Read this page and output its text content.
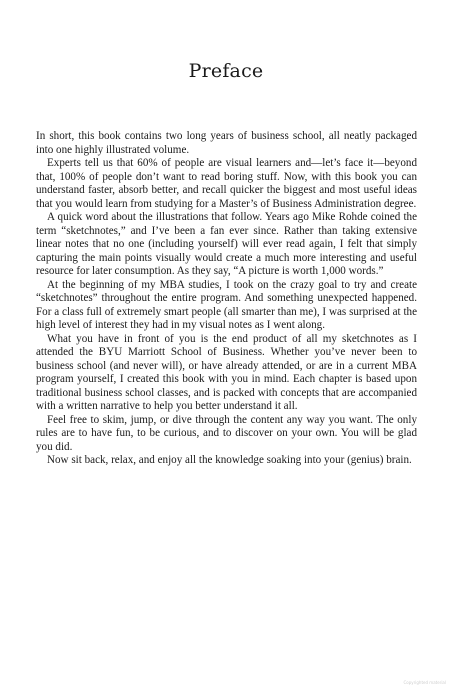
Preface

In short, this book contains two long years of business school, all neatly packaged into one highly illustrated volume.

Experts tell us that 60% of people are visual learners and—let’s face it—beyond that, 100% of people don’t want to read boring stuff. Now, with this book you can understand faster, absorb better, and recall quicker the biggest and most useful ideas that you would learn from studying for a Master’s of Business Administration degree.

A quick word about the illustrations that follow. Years ago Mike Rohde coined the term “sketchnotes,” and I’ve been a fan ever since. Rather than taking extensive linear notes that no one (including yourself) will ever read again, I felt that simply capturing the main points visually would create a much more interesting and useful resource for later consumption. As they say, “A picture is worth 1,000 words.”

At the beginning of my MBA studies, I took on the crazy goal to try and create “sketchnotes” throughout the entire program. And something unexpected happened. For a class full of extremely smart people (all smarter than me), I was surprised at the high level of interest they had in my visual notes as I went along.

What you have in front of you is the end product of all my sketchnotes as I attended the BYU Marriott School of Business. Whether you’ve never been to business school (and never will), or have already attended, or are in a current MBA program yourself, I created this book with you in mind. Each chapter is based upon traditional business school classes, and is packed with concepts that are accompanied with a written narrative to help you better understand it all.

Feel free to skim, jump, or dive through the content any way you want. The only rules are to have fun, to be curious, and to discover on your own. You will be glad you did.

Now sit back, relax, and enjoy all the knowledge soaking into your (genius) brain.

Copyrighted material
